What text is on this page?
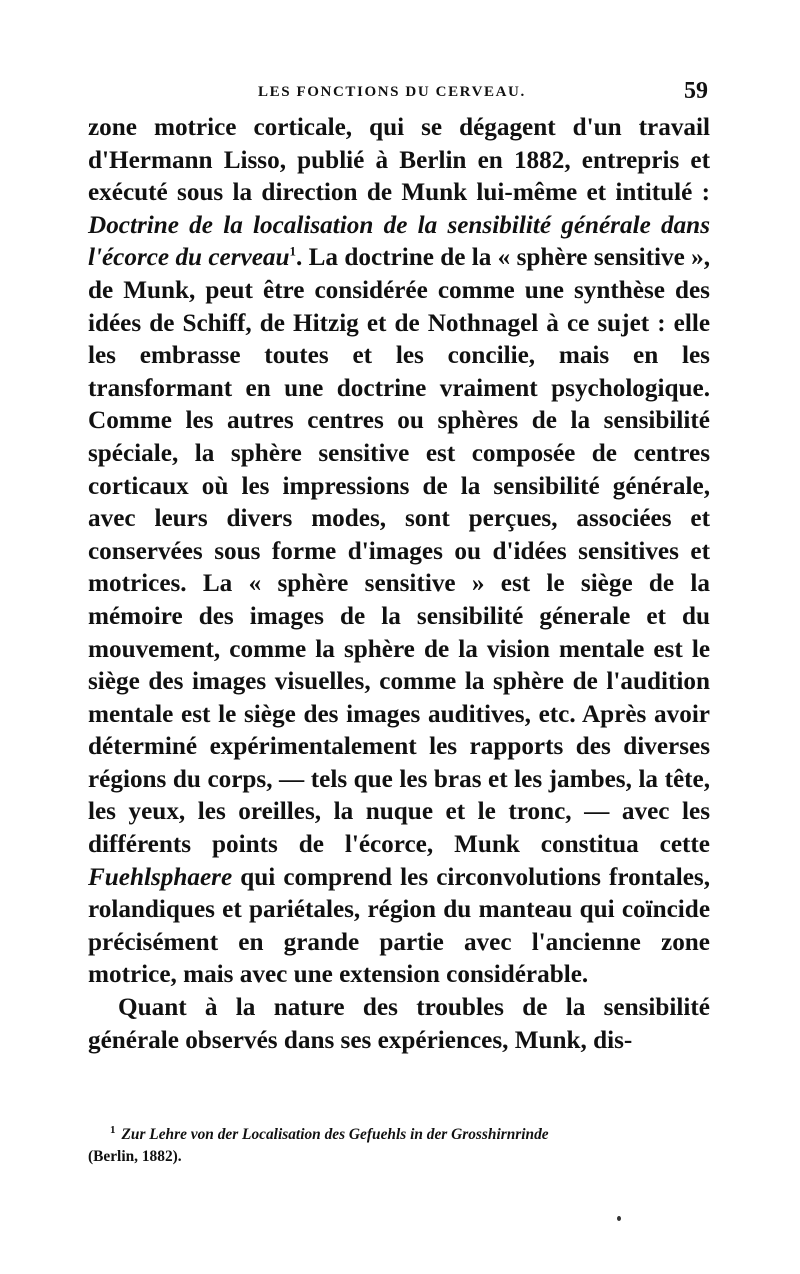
LES FONCTIONS DU CERVEAU.	59

zone motrice corticale, qui se dégagent d'un travail d'Hermann Lisso, publié à Berlin en 1882, entrepris et exécuté sous la direction de Munk lui-même et intitulé : Doctrine de la localisation de la sensibilité générale dans l'écorce du cerveau$^1$. La doctrine de la « sphère sensitive », de Munk, peut être considérée comme une synthèse des idées de Schiff, de Hitzig et de Nothnagel à ce sujet : elle les embrasse toutes et les concilie, mais en les transformant en une doctrine vraiment psychologique. Comme les autres centres ou sphères de la sensibilité spéciale, la sphère sensitive est composée de centres corticaux où les impressions de la sensibilité générale, avec leurs divers modes, sont perçues, associées et conservées sous forme d'images ou d'idées sensitives et motrices. La « sphère sensitive » est le siège de la mémoire des images de la sensibilité génerale et du mouvement, comme la sphère de la vision mentale est le siège des images visuelles, comme la sphère de l'audition mentale est le siège des images auditives, etc. Après avoir déterminé expérimentalement les rapports des diverses régions du corps, — tels que les bras et les jambes, la tête, les yeux, les oreilles, la nuque et le tronc, — avec les différents points de l'écorce, Munk constitua cette Fuehlsphaere qui comprend les circonvolutions frontales, rolandiques et pariétales, région du manteau qui coïncide précisément en grande partie avec l'ancienne zone motrice, mais avec une extension considérable.

Quant à la nature des troubles de la sensibilité générale observés dans ses expériences, Munk, dis-

$^1$ Zur Lehre von der Localisation des Gefuehls in der Grosshirnrinde
(Berlin, 1882).
